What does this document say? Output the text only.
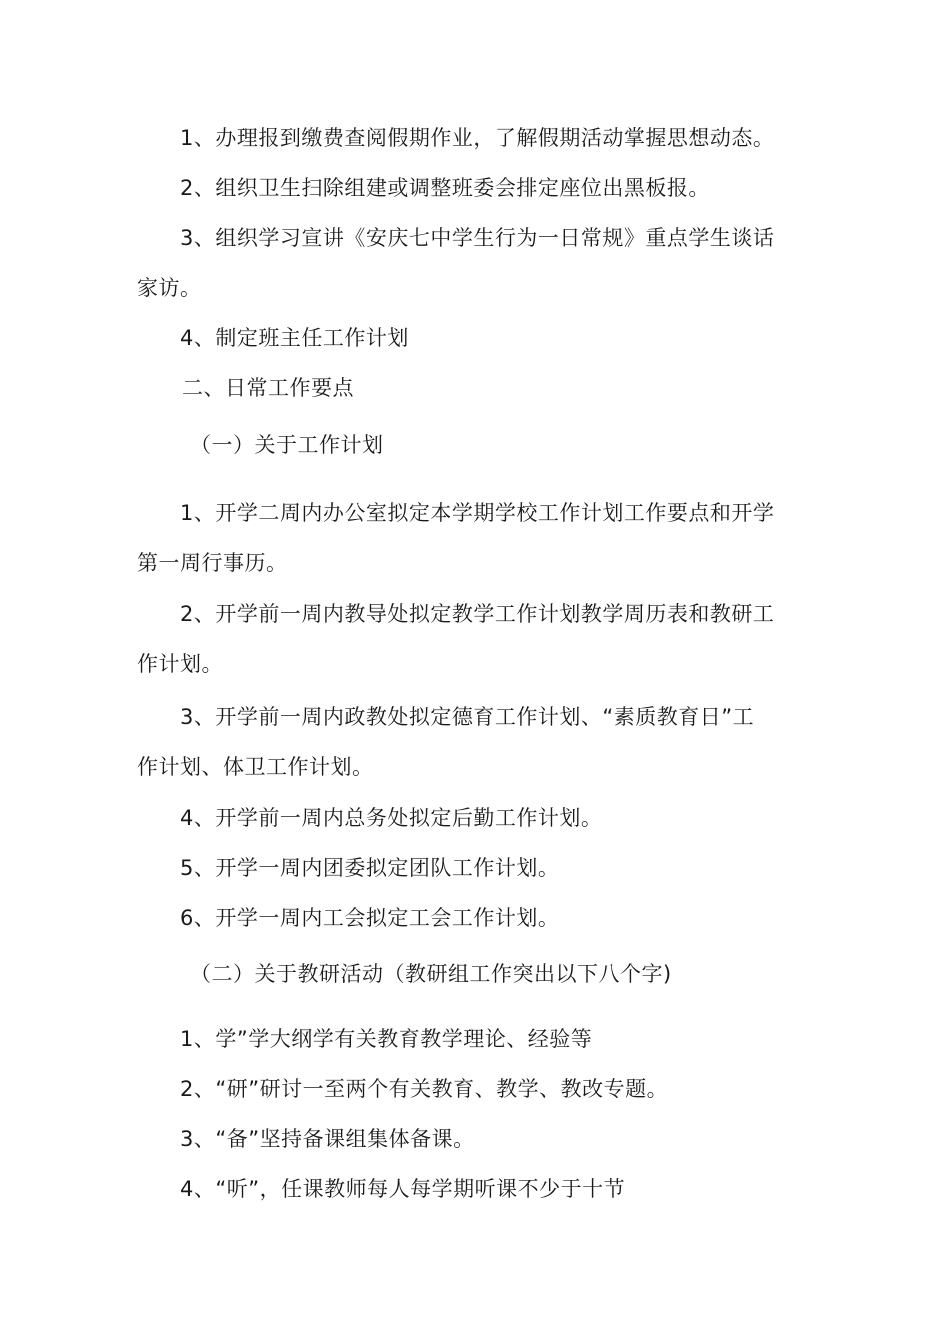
1、办理报到缴费查阅假期作业，了解假期活动掌握思想动态。
2、组织卫生扫除组建或调整班委会排定座位出黑板报。
3、组织学习宣讲《安庆七中学生行为一日常规》重点学生谈话
家访。
4、制定班主任工作计划
二、日常工作要点
（一）关于工作计划
1、开学二周内办公室拟定本学期学校工作计划工作要点和开学
第一周行事历。
2、开学前一周内教导处拟定教学工作计划教学周历表和教研工
作计划。
3、开学前一周内政教处拟定德育工作计划、“素质教育日”工
作计划、体卫工作计划。
4、开学前一周内总务处拟定后勤工作计划。
5、开学一周内团委拟定团队工作计划。
6、开学一周内工会拟定工会工作计划。
（二）关于教研活动（教研组工作突出以下八个字)
1、学”学大纲学有关教育教学理论、经验等
2、“研”研讨一至两个有关教育、教学、教改专题。
3、“备”坚持备课组集体备课。
4、“听”，任课教师每人每学期听课不少于十节
